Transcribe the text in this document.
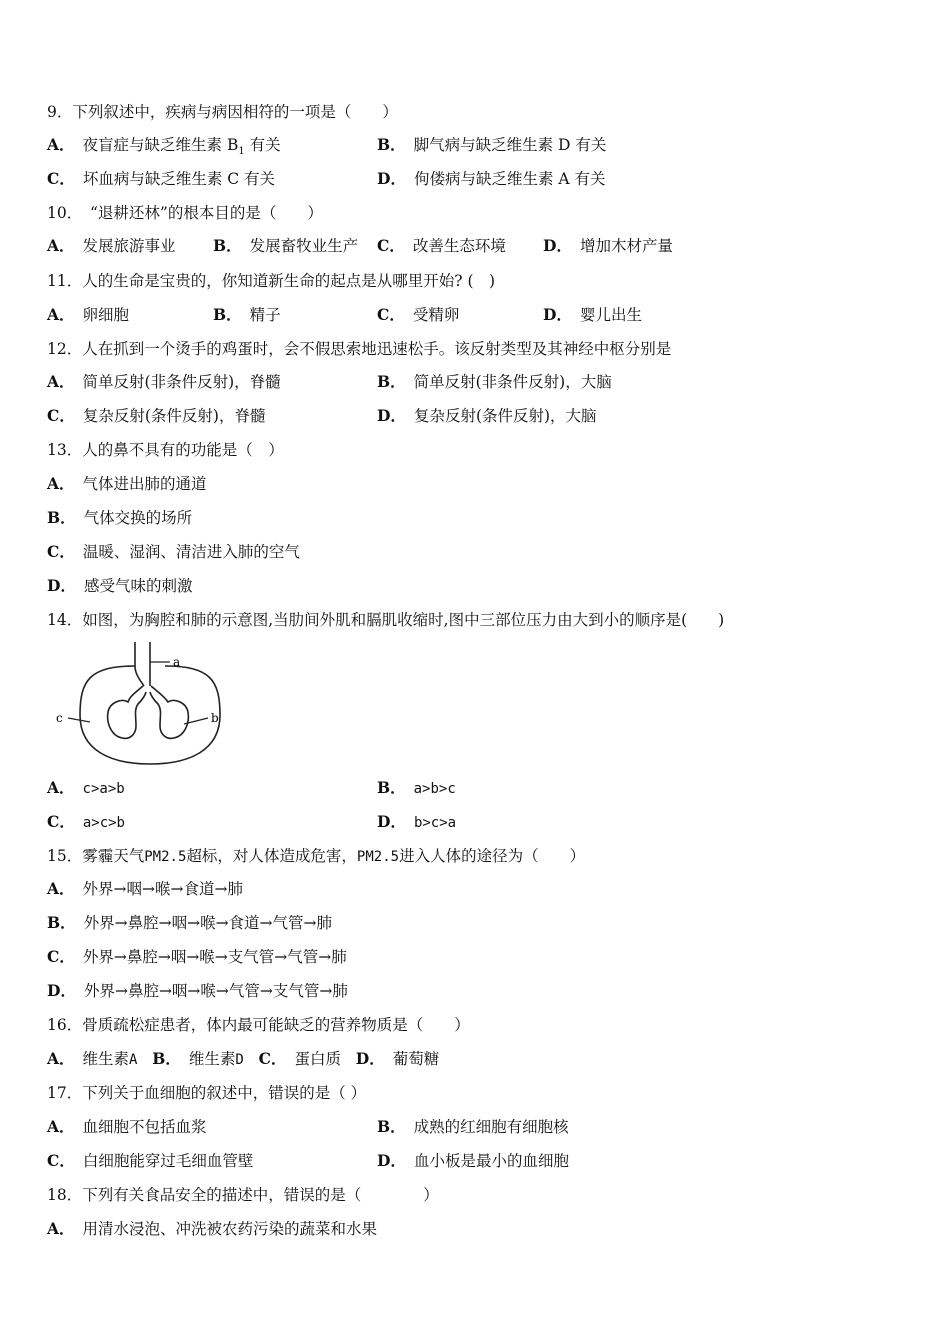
9．下列叙述中，疾病与病因相符的一项是（　　）
A． 夜盲症与缺乏维生素 $B_1$ 有关	B． 脚气病与缺乏维生素 D 有关
C． 坏血病与缺乏维生素 C 有关	D． 佝偻病与缺乏维生素 A 有关
10．　“退耕还林”的根本目的是（　　）
A． 发展旅游事业 B． 发展畜牧业生产 C． 改善生态环境 D． 增加木材产量
11．人的生命是宝贵的，你知道新生命的起点是从哪里开始? (　)
A． 卵细胞	B． 精子	C． 受精卵	D． 婴儿出生
12．人在抓到一个烫手的鸡蛋时，会不假思索地迅速松手。该反射类型及其神经中枢分别是
A． 简单反射(非条件反射)，脊髓	B． 简单反射(非条件反射)，大脑
C． 复杂反射(条件反射)，脊髓	D． 复杂反射(条件反射)，大脑
13．人的鼻不具有的功能是（　）
A． 气体进出肺的通道
B． 气体交换的场所
C． 温暖、湿润、清洁进入肺的空气
D． 感受气味的刺激
14．如图，为胸腔和肺的示意图,当肋间外肌和膈肌收缩时,图中三部位压力由大到小的顺序是(　　)
a
c	b
A． c>a>b	B． a>b>c
C． a>c>b	D． b>c>a
15．雾霾天气PM2.5超标，对人体造成危害，PM2.5进入人体的途径为（　　）
A． 外界→咽→喉→食道→肺
B． 外界→鼻腔→咽→喉→食道→气管→肺
C． 外界→鼻腔→咽→喉→支气管→气管→肺
D． 外界→鼻腔→咽→喉→气管→支气管→肺
16．骨质疏松症患者，体内最可能缺乏的营养物质是（　　）
A． 维生素A B． 维生素D C． 蛋白质 D． 葡萄糖
17．下列关于血细胞的叙述中，错误的是（ ）
A． 血细胞不包括血浆	B． 成熟的红细胞有细胞核
C． 白细胞能穿过毛细血管壁	D． 血小板是最小的血细胞
18．下列有关食品安全的描述中，错误的是（　　　　）
A． 用清水浸泡、冲洗被农药污染的蔬菜和水果
